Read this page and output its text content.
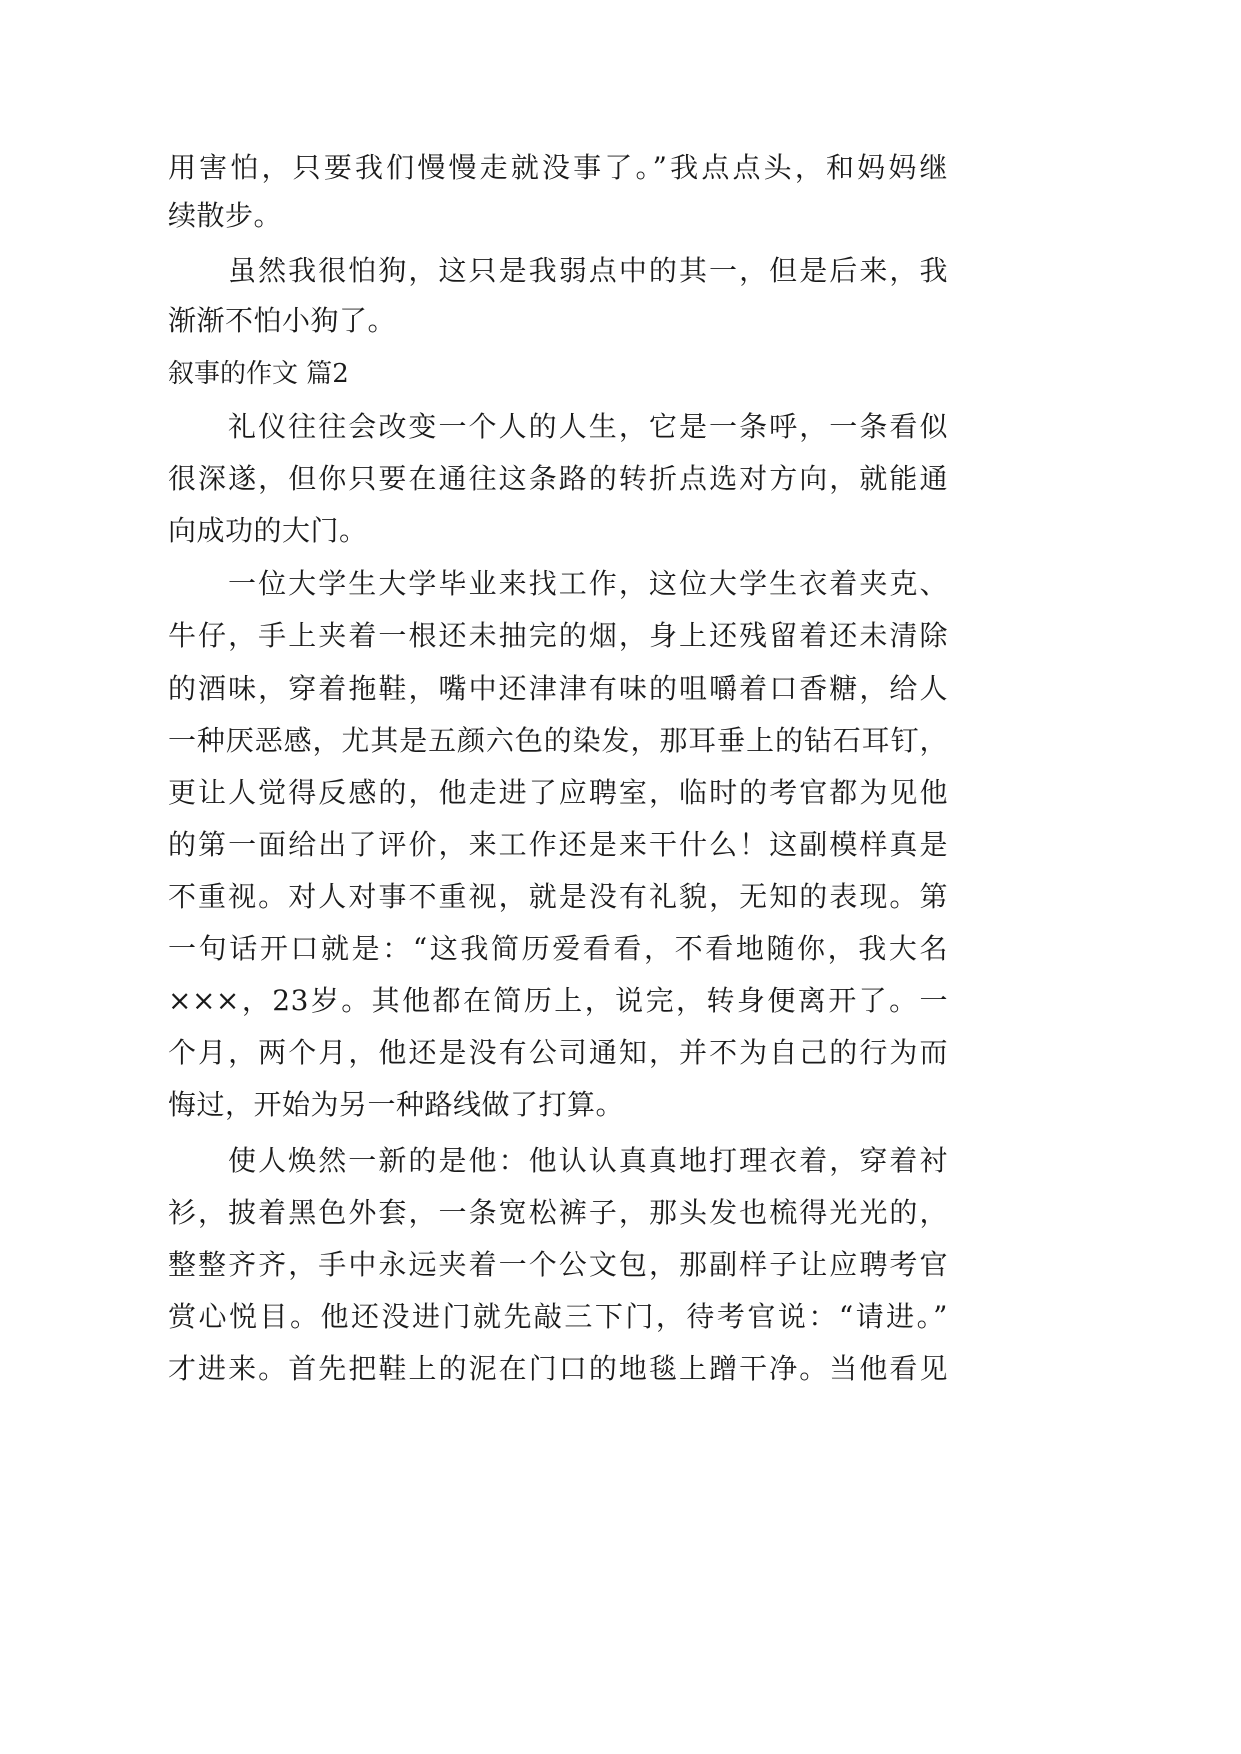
用害怕，只要我们慢慢走就没事了。”我点点头，和妈妈继
续散步。
虽然我很怕狗，这只是我弱点中的其一，但是后来，我
渐渐不怕小狗了。
叙事的作文 篇2
礼仪往往会改变一个人的人生，它是一条呼，一条看似
很深遂，但你只要在通往这条路的转折点选对方向，就能通
向成功的大门。
一位大学生大学毕业来找工作，这位大学生衣着夹克、
牛仔，手上夹着一根还未抽完的烟，身上还残留着还未清除
的酒味，穿着拖鞋，嘴中还津津有味的咀嚼着口香糖，给人
一种厌恶感，尤其是五颜六色的染发，那耳垂上的钻石耳钉，
更让人觉得反感的，他走进了应聘室，临时的考官都为见他
的第一面给出了评价，来工作还是来干什么！这副模样真是
不重视。对人对事不重视，就是没有礼貌，无知的表现。第
一句话开口就是：“这我简历爱看看，不看地随你，我大名
×××，23岁。其他都在简历上，说完，转身便离开了。一
个月，两个月，他还是没有公司通知，并不为自己的行为而
悔过，开始为另一种路线做了打算。
使人焕然一新的是他：他认认真真地打理衣着，穿着衬
衫，披着黑色外套，一条宽松裤子，那头发也梳得光光的，
整整齐齐，手中永远夹着一个公文包，那副样子让应聘考官
赏心悦目。他还没进门就先敲三下门，待考官说：“请进。”
才进来。首先把鞋上的泥在门口的地毯上蹭干净。当他看见
